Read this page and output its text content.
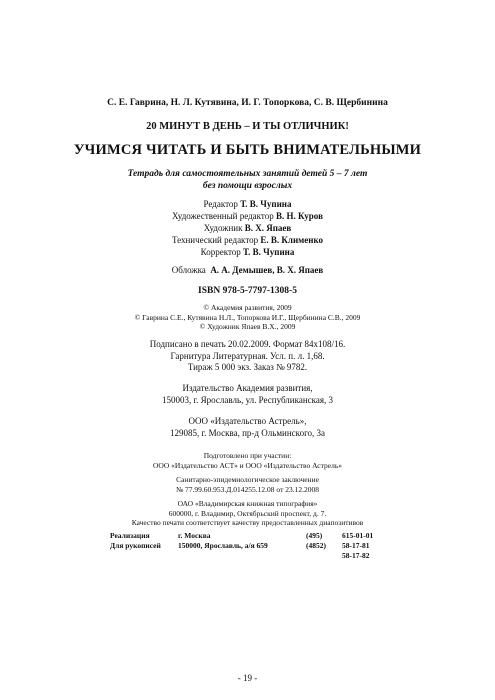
С. Е. Гаврина, Н. Л. Кутявина, И. Г. Топоркова, С. В. Щербинина
20 МИНУТ В ДЕНЬ – И ТЫ ОТЛИЧНИК!
УЧИМСЯ ЧИТАТЬ И БЫТЬ ВНИМАТЕЛЬНЫМИ
Тетрадь для самостоятельных занятий детей 5 – 7 лет
без помощи взрослых
Редактор Т. В. Чупина
Художественный редактор В. Н. Куров
Художник В. Х. Япаев
Технический редактор Е. В. Клименко
Корректор Т. В. Чупина
Обложка А. А. Демышев, В. Х. Япаев
ISBN 978-5-7797-1308-5
© Академия развития, 2009
© Гаврина С.Е., Кутявина Н.Л., Топоркова И.Г., Щербинина С.В., 2009
© Художник Япаев В.Х., 2009
Подписано в печать 20.02.2009. Формат 84х108/16.
Гарнитура Литературная. Усл. п. л. 1,68.
Тираж 5 000 экз. Заказ № 9782.
Издательство Академия развития,
150003, г. Ярославль, ул. Республиканская, 3
ООО «Издательство Астрель»,
129085, г. Москва, пр-д Ольминского, 3а
Подготовлено при участии:
ООО «Издательство АСТ» и ООО «Издательство Астрель»
Санитарно-эпидемиологическое заключение
№ 77.99.60.953.Д.014255.12.08 от 23.12.2008
ОАО «Владимирская книжная типография»
600000, г. Владимир, Октябрьский проспект, д. 7.
Качество печати соответствует качеству предоставленных диапозитивов
Реализация	г. Москва	(495)	615-01-01
Для рукописей	150000, Ярославль, а/я 659	(4852)	58-17-81
			58-17-82
- 19 -
